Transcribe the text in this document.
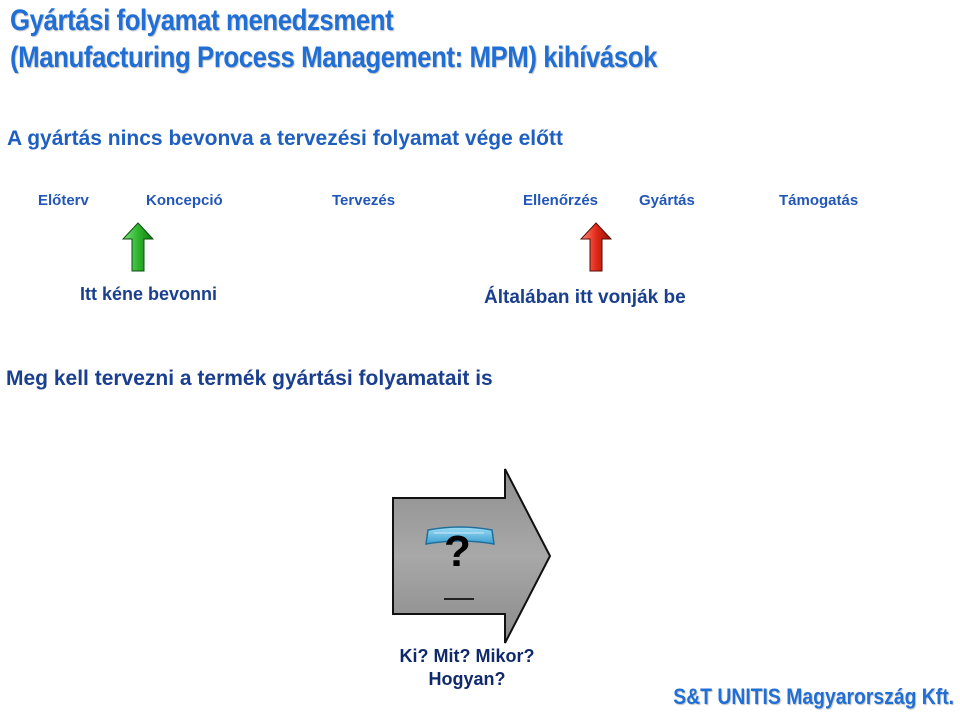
Gyártási folyamat menedzsment
(Manufacturing Process Management: MPM) kihívások
A gyártás nincs bevonva a tervezési folyamat vége előtt
Előterv	Koncepció	Tervezés	Ellenőrzés	Gyártás	Támogatás
Itt kéne bevonni	Általában itt vonják be
Meg kell tervezni a termék gyártási folyamatait is
?
Ki? Mit? Mikor?
Hogyan?
S&T UNITIS Magyarország Kft.
